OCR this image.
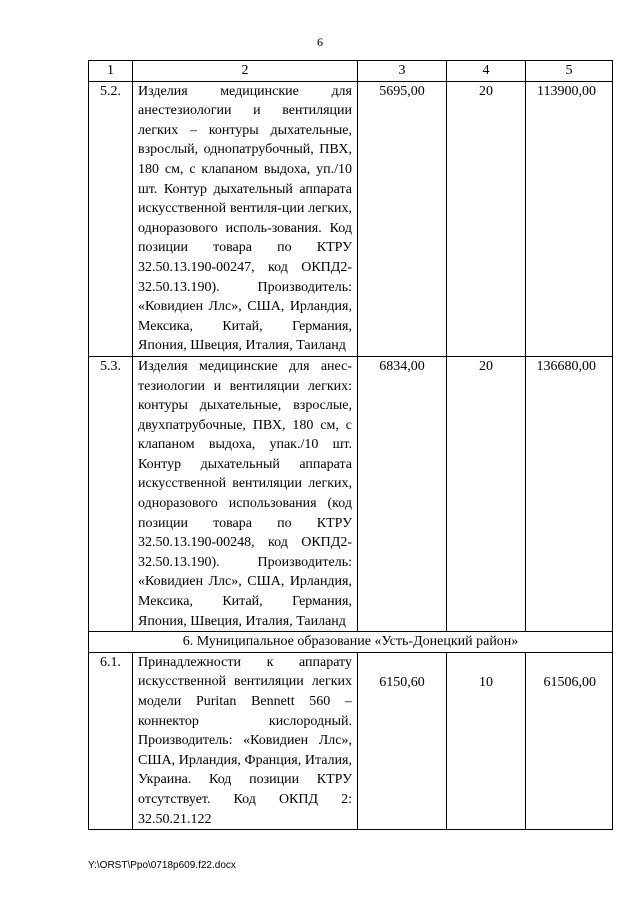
6
1	2	3	4	5
5.2.	Изделия медицинские для анестезиологии и вентиляции легких – контуры дыхательные, взрослый, однопатрубочный, ПВХ, 180 см, с клапаном выдоха, уп./10 шт. Контур дыхательный аппарата искусственной вентиля-ции легких, одноразового исполь-зования. Код позиции товара по КТРУ 32.50.13.190-00247, код ОКПД2-32.50.13.190). Производитель: «Ковидиен Ллс», США, Ирландия, Мексика, Китай, Германия, Япония, Швеция, Италия, Таиланд	5695,00	20	113900,00
5.3.	Изделия медицинские для анес-тезиологии и вентиляции легких: контуры дыхательные, взрослые, двухпатрубочные, ПВХ, 180 см, с клапаном выдоха, упак./10 шт. Контур дыхательный аппарата искусственной вентиляции легких, одноразового использования (код позиции товара по КТРУ 32.50.13.190-00248, код ОКПД2-32.50.13.190). Производитель: «Ковидиен Ллс», США, Ирландия, Мексика, Китай, Германия, Япония, Швеция, Италия, Таиланд	6834,00	20	136680,00
6. Муниципальное образование «Усть-Донецкий район»				
6.1.	Принадлежности к аппарату искусственной вентиляции легких модели Puritan Bennett 560 – коннектор кислородный. Производитель: «Ковидиен Ллс», США, Ирландия, Франция, Италия, Украина. Код позиции КТРУ отсутствует. Код ОКПД 2: 32.50.21.122	6150,60	10	61506,00
Y:\ORST\Ppo\0718p609.f22.docx
